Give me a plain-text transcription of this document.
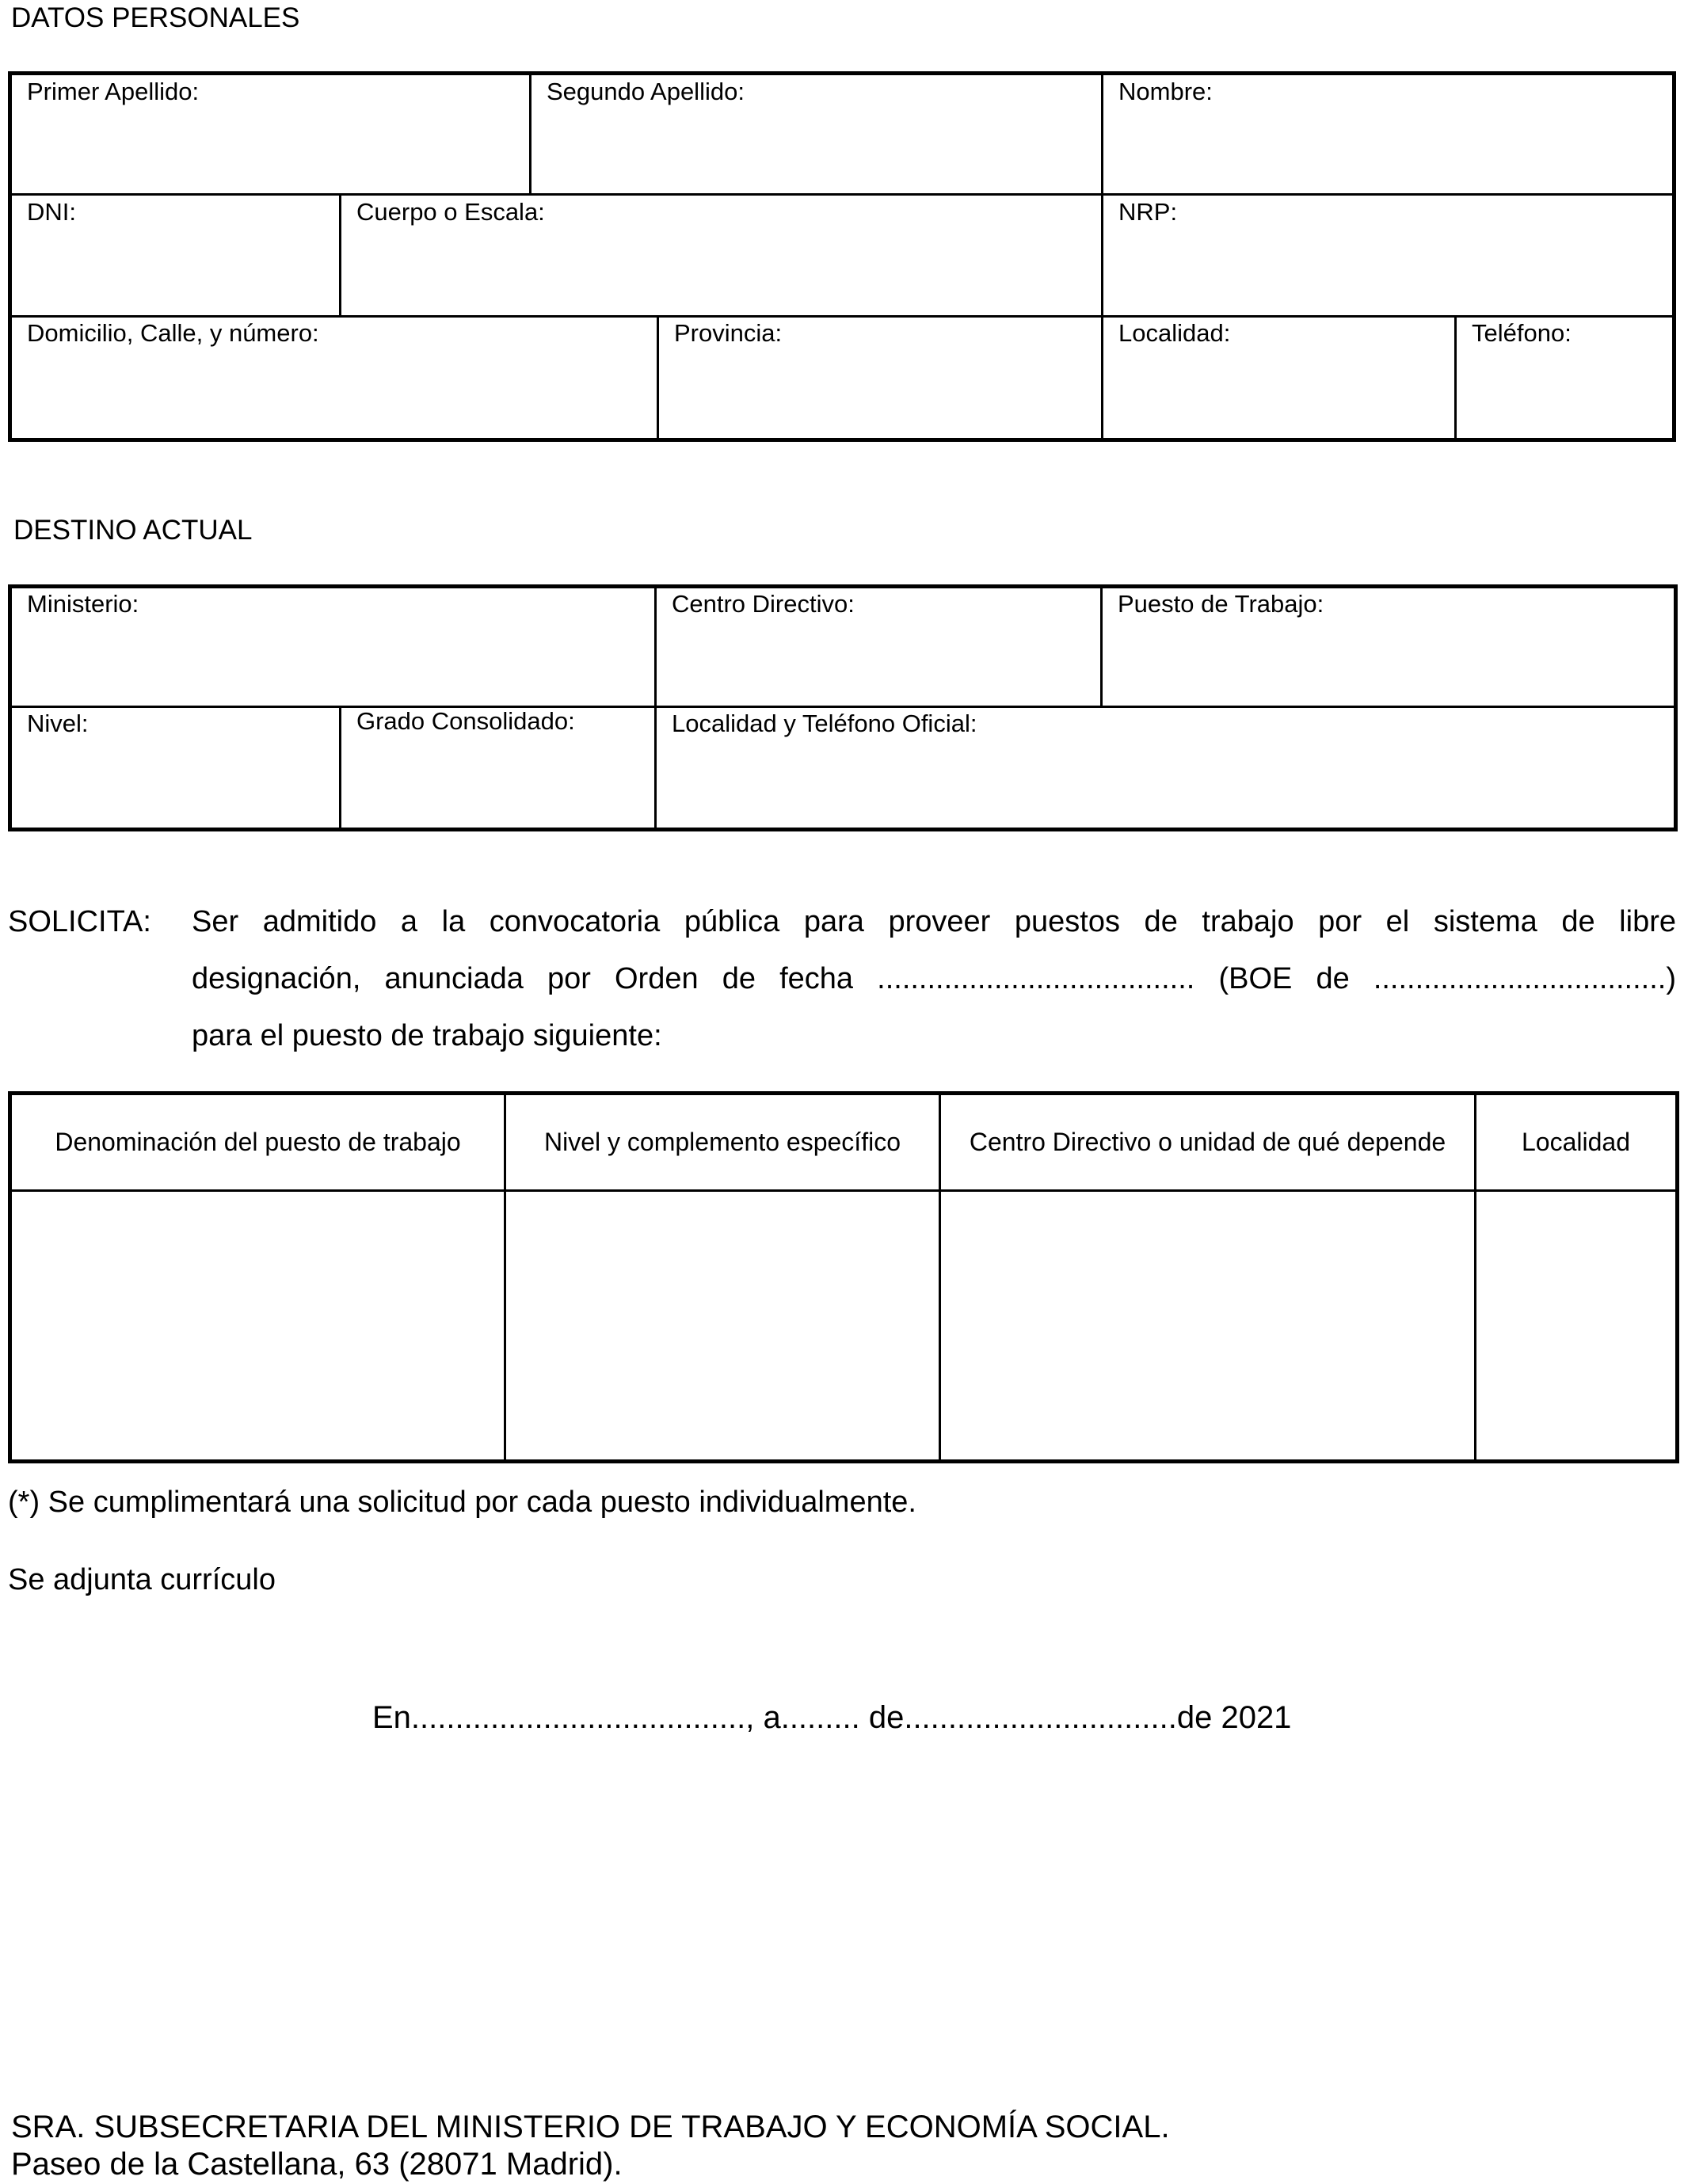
DATOS PERSONALES
Primer Apellido:	Segundo Apellido:	Nombre:
DNI:	Cuerpo o Escala:	NRP:
Domicilio, Calle, y número:	Provincia:	Localidad:	Teléfono:
DESTINO ACTUAL
Ministerio:	Centro Directivo:	Puesto de Trabajo:
Nivel:	Grado Consolidado:	Localidad y Teléfono Oficial:
SOLICITA: Ser admitido a la convocatoria pública para proveer puestos de trabajo por el sistema de libre
designación, anunciada por Orden de fecha ...................................... (BOE de ...................................)
para el puesto de trabajo siguiente:
Denominación del puesto de trabajo	Nivel y complemento específico	Centro Directivo o unidad de qué depende	Localidad
(*) Se cumplimentará una solicitud por cada puesto individualmente.
Se adjunta currículo
En......................................, a......... de...............................de 2021
SRA. SUBSECRETARIA DEL MINISTERIO DE TRABAJO Y ECONOMÍA SOCIAL.
Paseo de la Castellana, 63 (28071 Madrid).
